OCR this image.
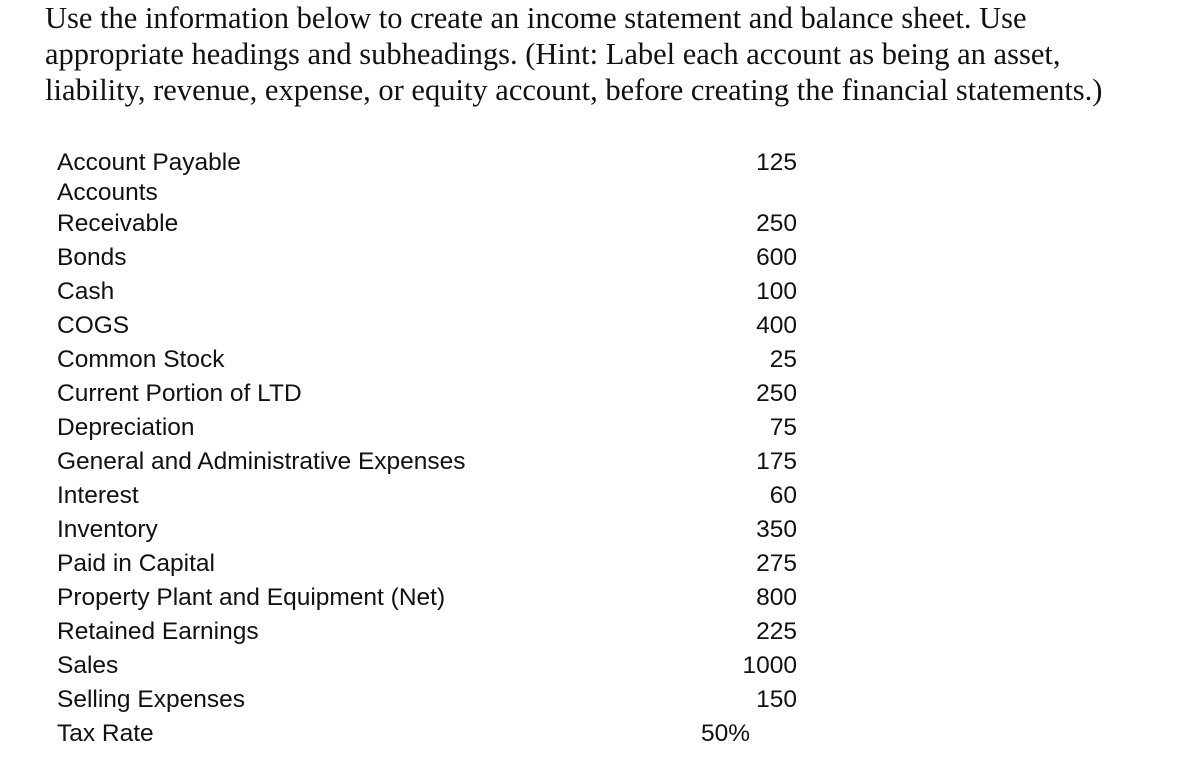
Use the information below to create an income statement and balance sheet. Use
appropriate headings and subheadings. (Hint: Label each account as being an asset,
liability, revenue, expense, or equity account, before creating the financial statements.)
Account Payable	125
Accounts
Receivable	250
Bonds	600
Cash	100
COGS	400
Common Stock	25
Current Portion of LTD	250
Depreciation	75
General and Administrative Expenses	175
Interest	60
Inventory	350
Paid in Capital	275
Property Plant and Equipment (Net)	800
Retained Earnings	225
Sales	1000
Selling Expenses	150
Tax Rate	50%
